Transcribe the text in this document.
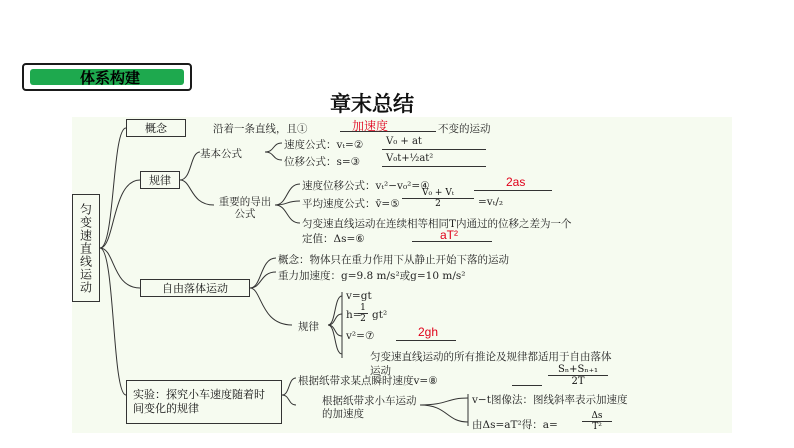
体系构建
章末总结
匀变速直线运动
概念	沿着一条直线，且①	加速度	不变的运动
规律
基本公式
速度公式：vₜ=② V₀ + at
位移公式：s=③	V₀t+½at²
重要的导出公式
速度位移公式：vₜ²−v₀²=④	2as
平均速度公式：v̄=⑤ $\frac{\text{V₀ + Vₜ}}{2} =v_t/_2$
匀变速直线运动在连续相等相同T内通过的位移之差为一个
定值：Δs=⑥	aT²
自由落体运动
概念：物体只在重力作用下从静止开始下落的运动
重力加速度：g=9.8 m/s²或g=10 m/s²
规律
v=gt
h=
$\frac{1}{2} gt^2$
v²=⑦	2gh
匀变速直线运动的所有推论及规律都适用于自由落体
运动
实验：探究小车速度随着时间变化的规律
根据纸带求某点瞬时速度v=⑧	$\frac{\text{Sₙ+Sₙ₊₁}}{2T}$
根据纸带求小车运动的加速度
v−t图像法：图线斜率表示加速度
由Δs=aT²得：a=	$\frac{\Delta s}{\text{T²}}$
